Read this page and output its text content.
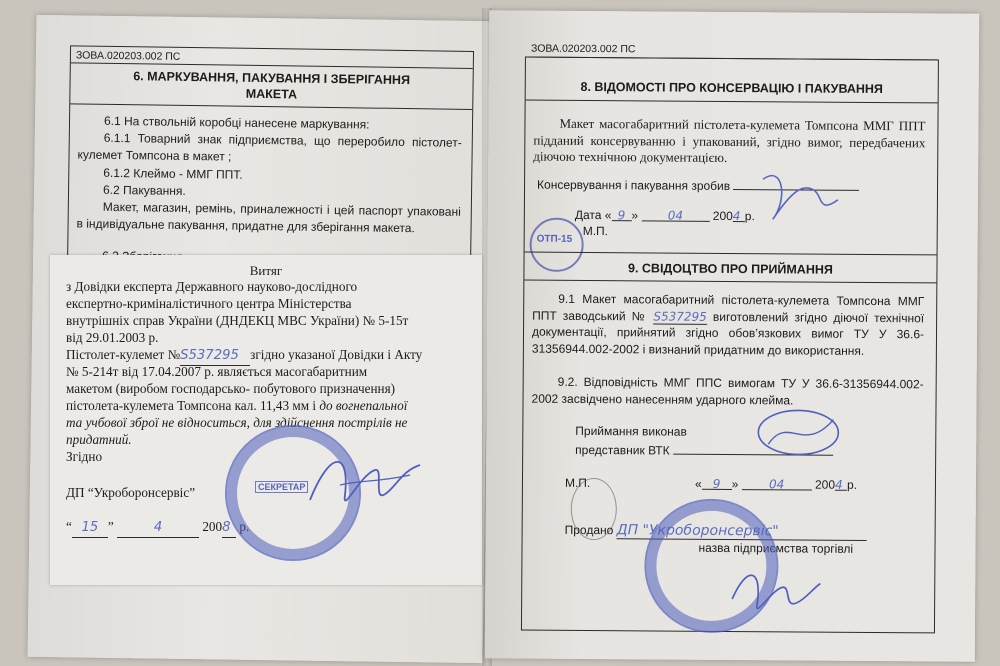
ЗОВА.020203.002 ПС
6. МАРКУВАННЯ, ПАКУВАННЯ І ЗБЕРІГАННЯ
МАКЕТА
6.1 На ствольній коробці нанесене маркування:
6.1.1 Товарний знак підприємства, що переробило пістолет-кулемет Томпсона в макет ;
6.1.2 Клеймо - ММГ ППТ.
6.2 Пакування.
Макет, магазин, ремінь, приналежності і цей паспорт упаковані в індивідуальне пакування, придатне для зберігання макета.
Витяг
з Довідки експерта Державного науково-дослідного
експертно-криміналістичного центра Міністерства
внутрішніх справ України (ДНДЕКЦ МВС України) № 5-15т
від 29.01.2003 р.
Пістолет-кулемет №S537295 згідно указаної Довідки і Акту
№ 5-214т від 17.04.2007 р. являється масогабаритним
макетом (виробом господарсько- побутового призначення)
пістолета-кулемета Томпсона кал. 11,43 мм і до вогнепальної
та учбової зброї не відноситься, для здійснення пострілів не
придатний.
Згідно
ДП “Укроборонсервіс”
“ 15 ”	4	2008 р.
СЕКРЕТАР
ЗОВА.020203.002 ПС
8. ВІДОМОСТІ ПРО КОНСЕРВАЦІЮ І ПАКУВАННЯ
Макет масогабаритний пістолета-кулемета Томпсона ММГ ППТ підданий консервуванню і упакований, згідно вимог, передбачених діючою технічною документацією.
Консервування і пакування зробив
Дата « 9 » 04 2004 р.
М.П.
ОТП-15
9. СВІДОЦТВО ПРО ПРИЙМАННЯ
9.1 Макет масогабаритний пістолета-кулемета Томпсона ММГ ППТ заводський № S537295 виготовлений згідно діючої технічної документації, прийнятий згідно обов’язкових вимог ТУ У 36.6-31356944.002-2002 і визнаний придатним до використання.
9.2. Відповідність ММГ ППС вимогам ТУ У 36.6-31356944.002-2002 засвідчено нанесенням ударного клейма.
Приймання виконав
представник ВТК
М.П.	« 9 »	04	2004 р.
Продано ДП "Укроборонсервіс"
назва підприємства торгівлі
